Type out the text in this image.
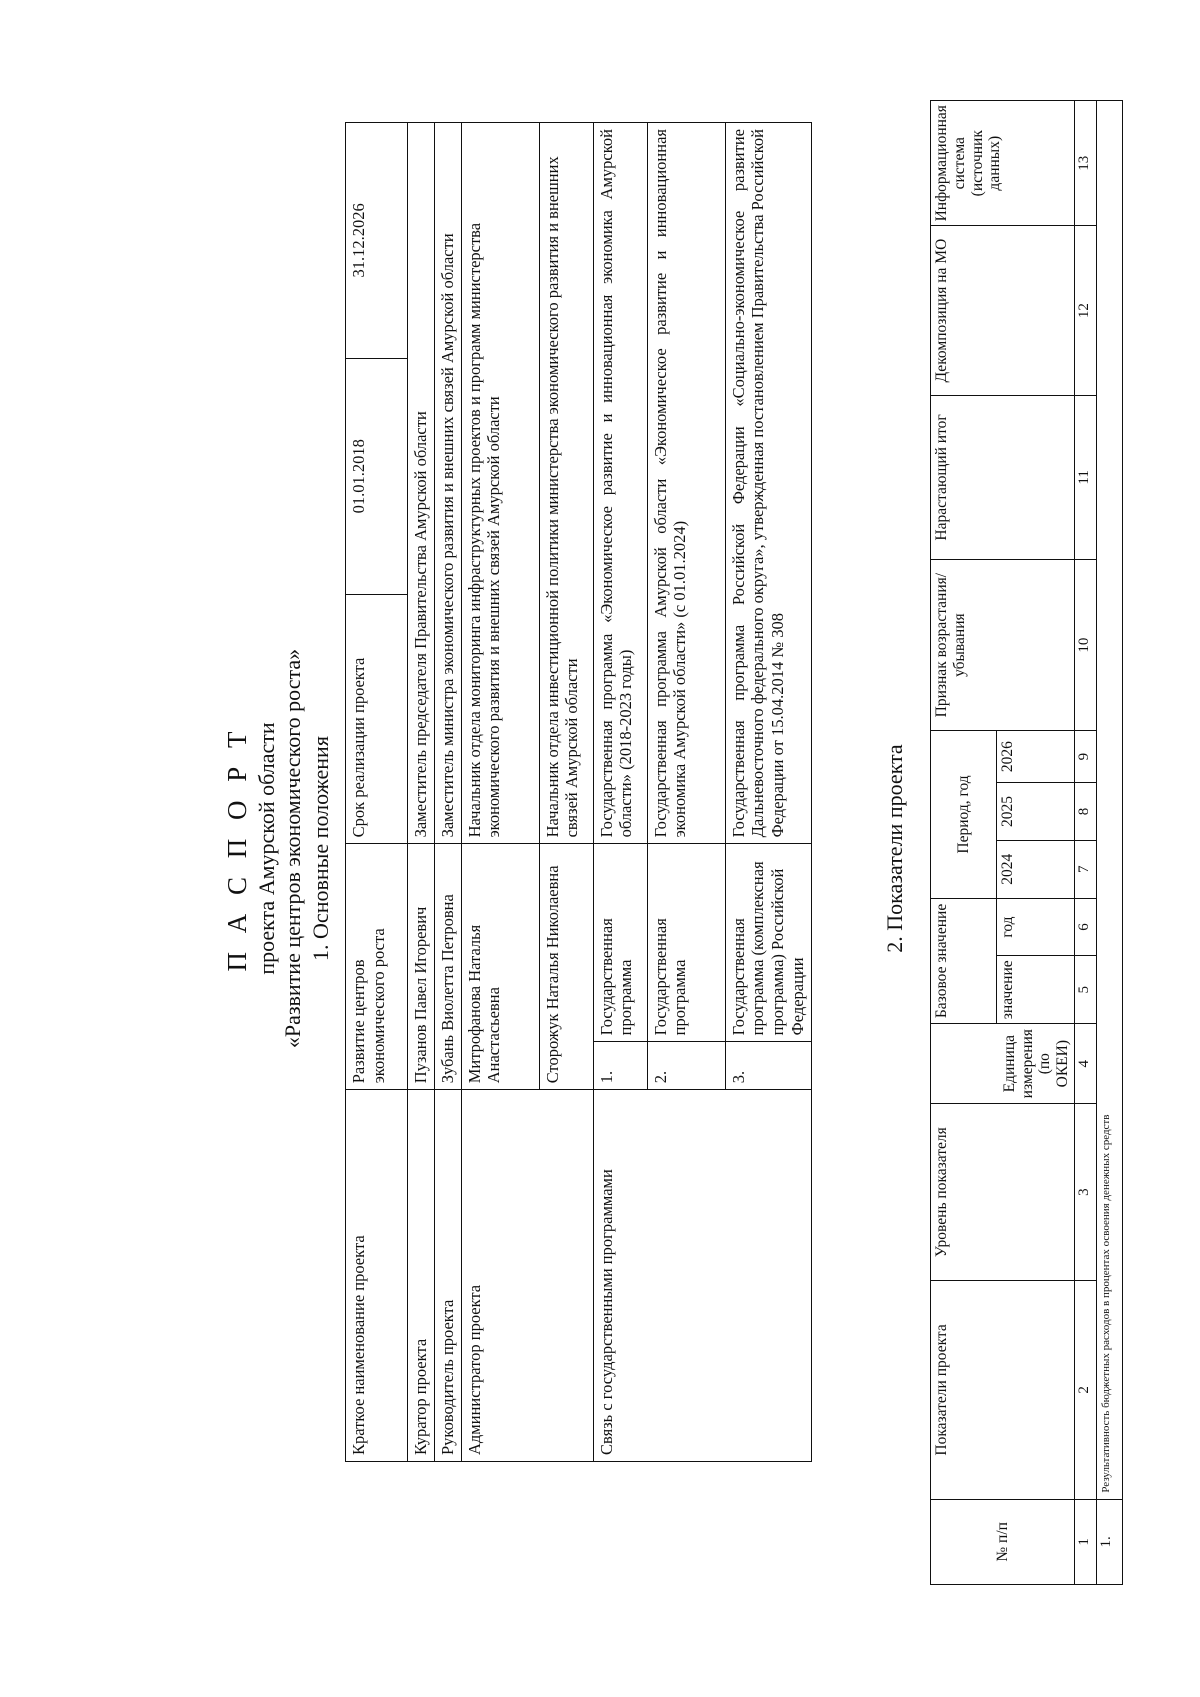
П А С П О Р Т проекта Амурской области «Развитие центров экономического роста» 1. Основные положения
Краткое наименование проекта	Развитие центров экономического роста		Срок реализации проекта	01.01.2018	31.12.2026
Куратор проекта	Пузанов Павел Игоревич		Заместитель председателя Правительства Амурской области		
Руководитель проекта	Зубань Виолетта Петровна		Заместитель министра экономического развития и внешних связей Амурской области		
Администратор проекта	Митрофанова Наталья Анастасьевна		Начальник отдела мониторинга инфраструктурных проектов и программ министерства экономического развития и внешних связей Амурской области		
	Сторожук Наталья Николаевна		Начальник отдела инвестиционной политики министерства экономического развития и внешних связей Амурской области		
Связь с государственными программами	1.	Государственная программа	Государственная программа «Экономическое развитие и инновационная экономика Амурской области» (2018-2023 годы)		
	2.	Государственная программа	Государственная программа Амурской области «Экономическое развитие и инновационная экономика Амурской области» (с 01.01.2024)		
	3.	Государственная программа (комплексная программа) Российской Федерации	Государственная программа Российской Федерации «Социально-экономическое развитие Дальневосточного федерального округа», утвержденная постановлением Правительства Российской Федерации от 15.04.2014 № 308		
2. Показатели проекта
№ п/п	Показатели проекта	Уровень показателя	Единица измерения (по ОКЕИ)	Базовое значение		Период, год			Признак возрастания/ убывания	Нарастающий итог	Декомпозиция на МО	Информационная система (источник данных)
				значение	год	2024	2025	2026				
1	2	3	4	5	6	7	8	9	10	11	12	13
1.	Результативность бюджетных расходов в процентах освоения денежных средств											
